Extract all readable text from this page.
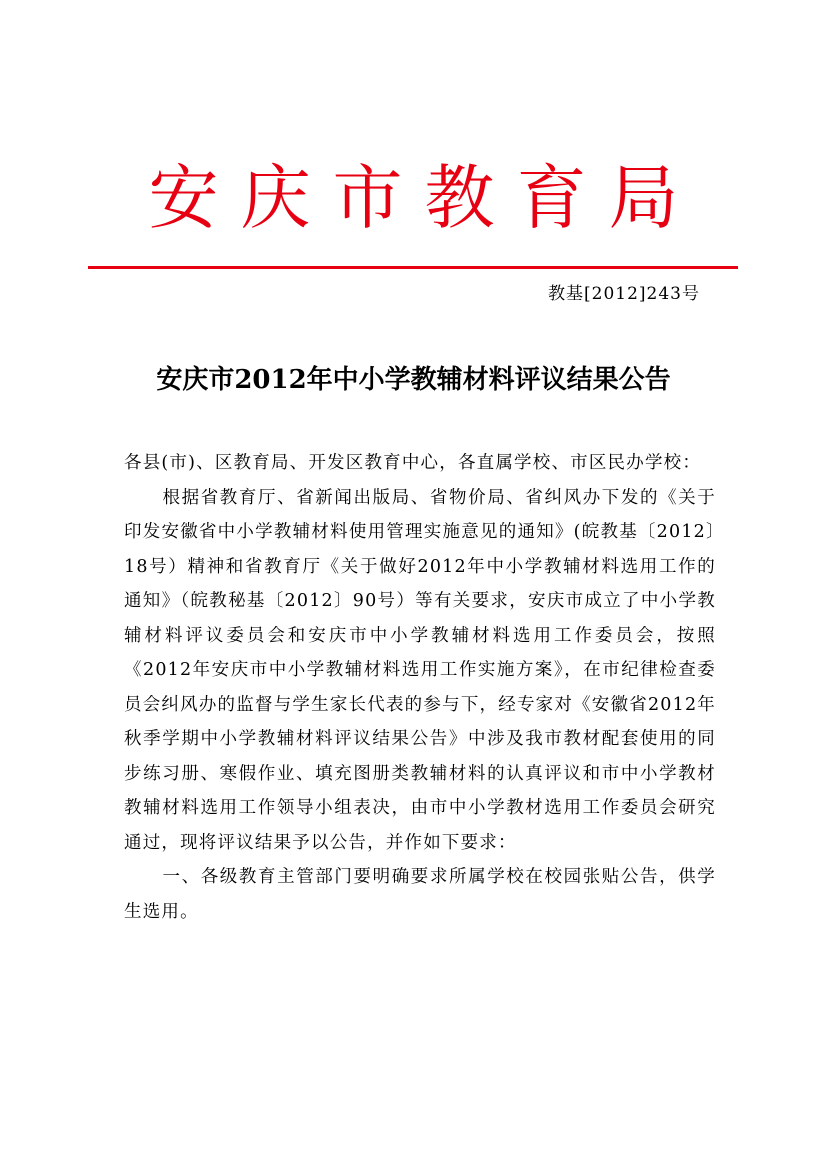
安庆市教育局
教基[2012]243号
安庆市2012年中小学教辅材料评议结果公告

各县(市)、区教育局、开发区教育中心，各直属学校、市区民办学校：

根据省教育厅、省新闻出版局、省物价局、省纠风办下发的《关于印发安徽省中小学教辅材料使用管理实施意见的通知》(皖教基〔2012〕18号）精神和省教育厅《关于做好2012年中小学教辅材料选用工作的通知》（皖教秘基〔2012〕90号）等有关要求，安庆市成立了中小学教辅材料评议委员会和安庆市中小学教辅材料选用工作委员会，按照《2012年安庆市中小学教辅材料选用工作实施方案》，在市纪律检查委员会纠风办的监督与学生家长代表的参与下，经专家对《安徽省2012年秋季学期中小学教辅材料评议结果公告》中涉及我市教材配套使用的同步练习册、寒假作业、填充图册类教辅材料的认真评议和市中小学教材教辅材料选用工作领导小组表决，由市中小学教材选用工作委员会研究通过，现将评议结果予以公告，并作如下要求：

一、各级教育主管部门要明确要求所属学校在校园张贴公告，供学生选用。
